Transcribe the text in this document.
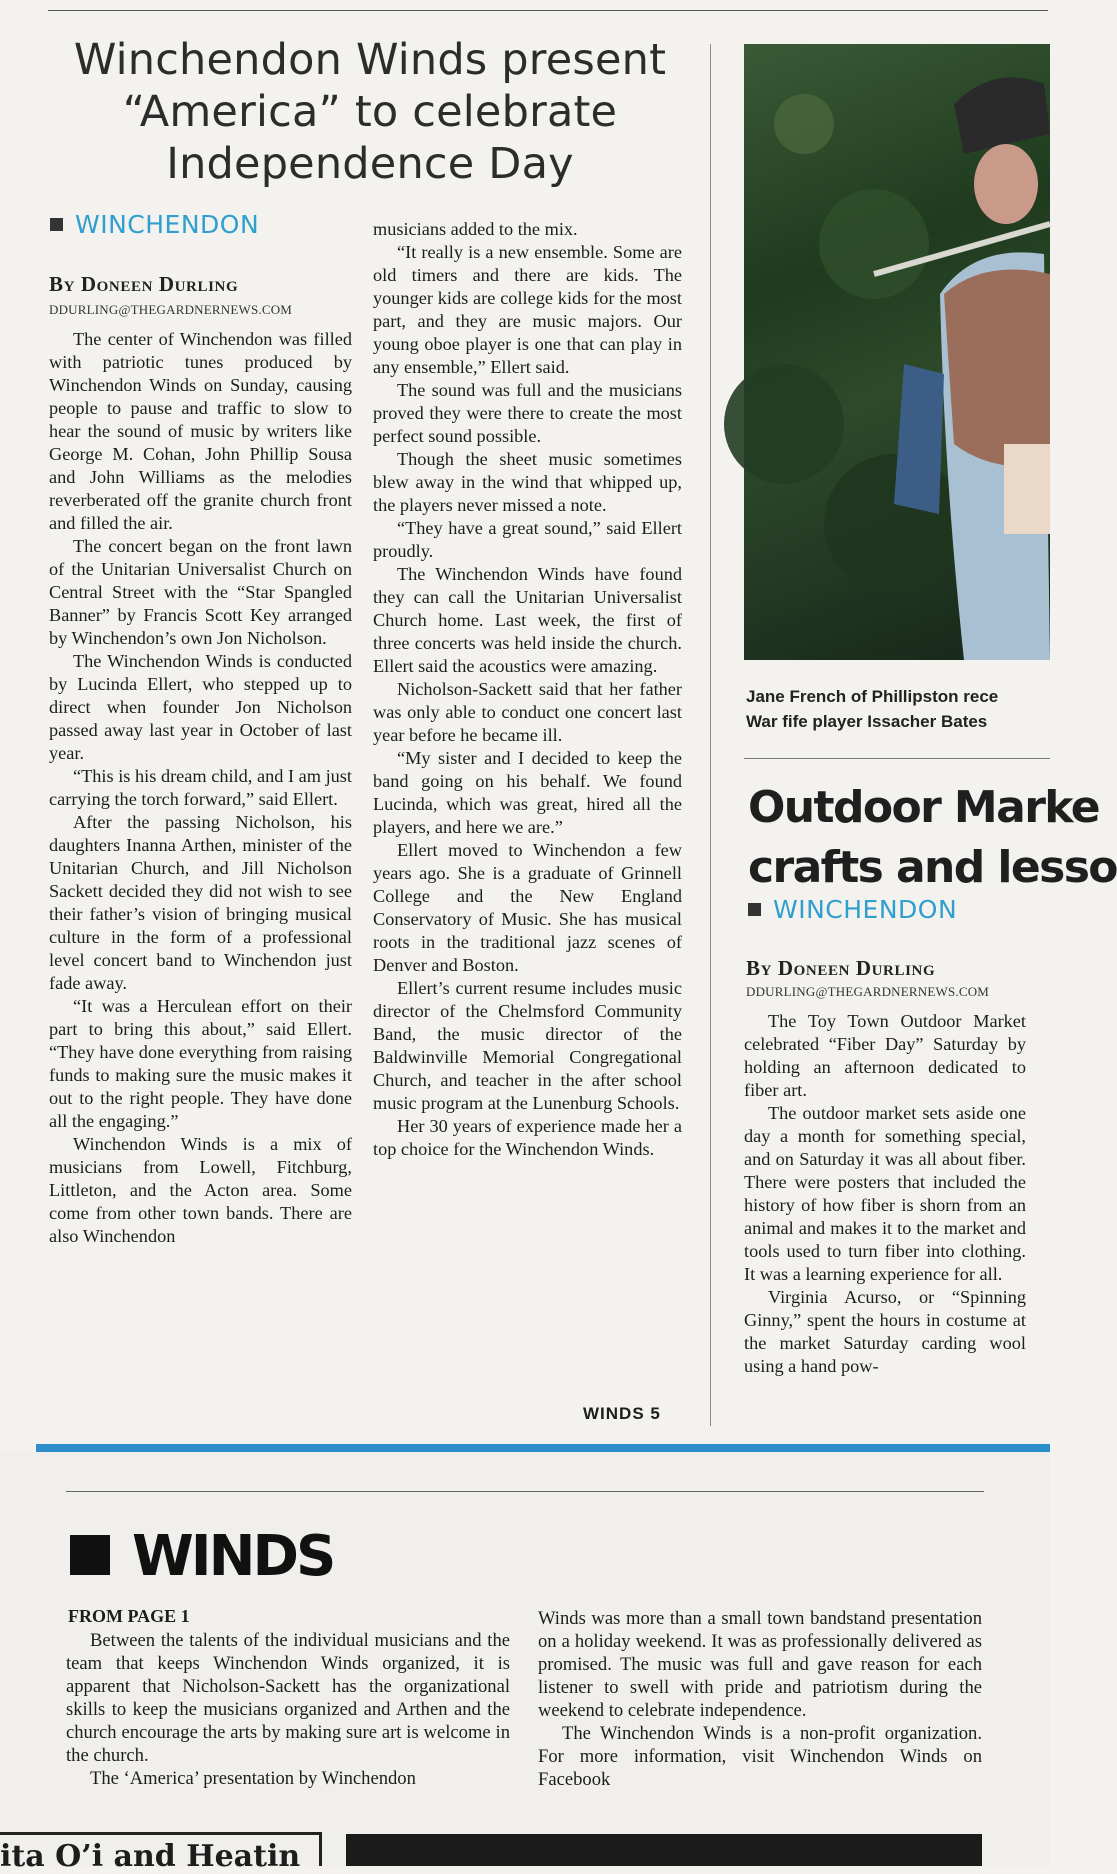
Winchendon Winds present
“America” to celebrate
Independence Day
WINCHENDON
By Doneen Durling
DDURLING@THEGARDNERNEWS.COM

The center of Winchendon was filled with patriotic tunes produced by Winchendon Winds on Sunday, causing people to pause and traffic to slow to hear the sound of music by writers like George M. Cohan, John Phillip Sousa and John Williams as the melodies reverberated off the granite church front and filled the air.

The concert began on the front lawn of the Unitarian Universalist Church on Central Street with the “Star Spangled Banner” by Francis Scott Key arranged by Winchendon’s own Jon Nicholson.

The Winchendon Winds is conducted by Lucinda Ellert, who stepped up to direct when founder Jon Nicholson passed away last year in October of last year.

“This is his dream child, and I am just carrying the torch forward,” said Ellert.

After the passing Nicholson, his daughters Inanna Arthen, minister of the Unitarian Church, and Jill Nicholson Sackett decided they did not wish to see their father’s vision of bringing musical culture in the form of a professional level concert band to Winchendon just fade away.

“It was a Herculean effort on their part to bring this about,” said Ellert. “They have done everything from raising funds to making sure the music makes it out to the right people. They have done all the engaging.”

Winchendon Winds is a mix of musicians from Lowell, Fitchburg, Littleton, and the Acton area. Some come from other town bands. There are also Winchendon

musicians added to the mix.

“It really is a new ensemble. Some are old timers and there are kids. The younger kids are college kids for the most part, and they are music majors. Our young oboe player is one that can play in any ensemble,” Ellert said.

The sound was full and the musicians proved they were there to create the most perfect sound possible.

Though the sheet music sometimes blew away in the wind that whipped up, the players never missed a note.

“They have a great sound,” said Ellert proudly.

The Winchendon Winds have found they can call the Unitarian Universalist Church home. Last week, the first of three concerts was held inside the church. Ellert said the acoustics were amazing.

Nicholson-Sackett said that her father was only able to conduct one concert last year before he became ill.

“My sister and I decided to keep the band going on his behalf. We found Lucinda, which was great, hired all the players, and here we are.”

Ellert moved to Winchendon a few years ago. She is a graduate of Grinnell College and the New England Conservatory of Music. She has musical roots in the traditional jazz scenes of Denver and Boston.

Ellert’s current resume includes music director of the Chelmsford Community Band, the music director of the Baldwinville Memorial Congregational Church, and teacher in the after school music program at the Lunenburg Schools.

Her 30 years of experience made her a top choice for the Winchendon Winds.

WINDS 5
Jane French of Phillipston rece
War fife player Issacher Bates
Outdoor Marke
crafts and lesso
WINCHENDON
By Doneen Durling
DDURLING@THEGARDNERNEWS.COM

The Toy Town Outdoor Market celebrated “Fiber Day” Saturday by holding an afternoon dedicated to fiber art.

The outdoor market sets aside one day a month for something special, and on Saturday it was all about fiber. There were posters that included the history of how fiber is shorn from an animal and makes it to the market and tools used to turn fiber into clothing. It was a learning experience for all.

Virginia Acurso, or “Spinning Ginny,” spent the hours in costume at the market Saturday carding wool using a hand pow-

WINDS
FROM PAGE 1

Between the talents of the individual musicians and the team that keeps Winchendon Winds organized, it is apparent that Nicholson-Sackett has the organizational skills to keep the musicians organized and Arthen and the church encourage the arts by making sure art is welcome in the church.

The ‘America’ presentation by Winchendon

Winds was more than a small town bandstand presentation on a holiday weekend. It was as professionally delivered as promised. The music was full and gave reason for each listener to swell with pride and patriotism during the weekend to celebrate independence.

The Winchendon Winds is a non-profit organization. For more information, visit Winchendon Winds on Facebook

ita O’i and Heatin
